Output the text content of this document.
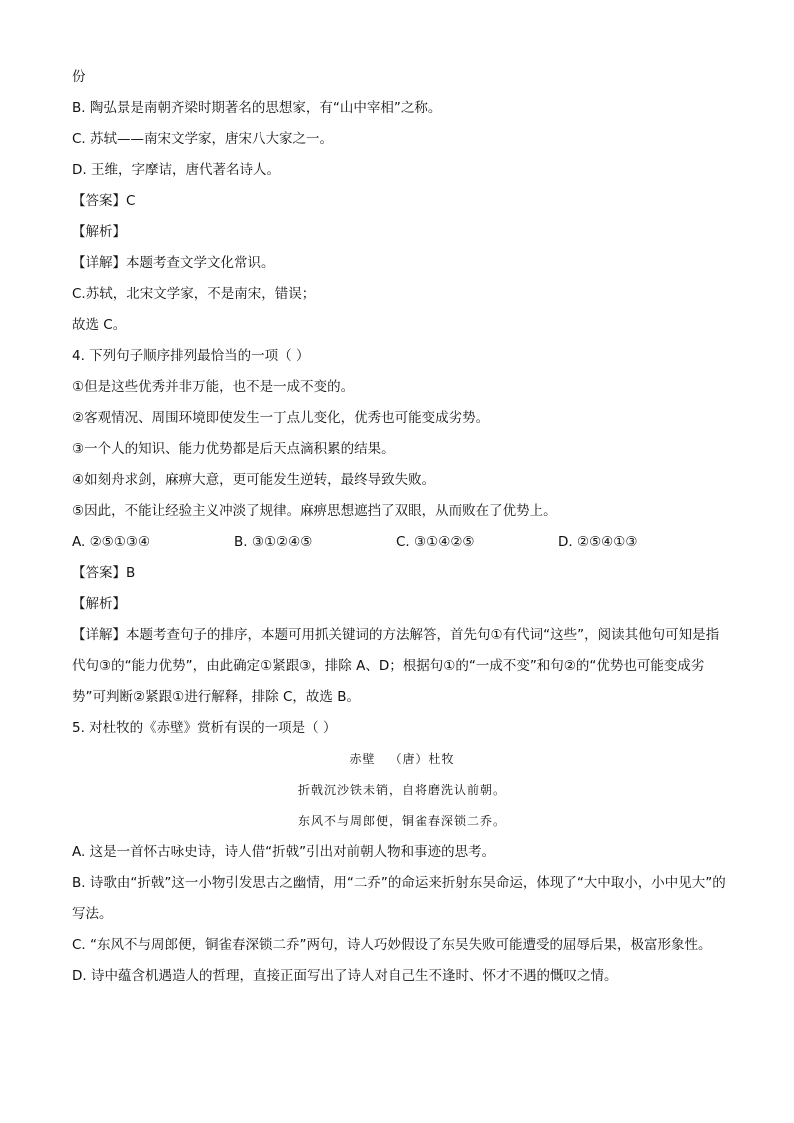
份
B. 陶弘景是南朝齐梁时期著名的思想家，有“山中宰相”之称。
C. 苏轼——南宋文学家，唐宋八大家之一。
D. 王维，字摩诘，唐代著名诗人。
【答案】C
【解析】
【详解】本题考查文学文化常识。
C.苏轼，北宋文学家，不是南宋，错误；
故选 C。
4. 下列句子顺序排列最恰当的一项（ ）
①但是这些优秀并非万能，也不是一成不变的。
②客观情况、周围环境即使发生一丁点儿变化，优秀也可能变成劣势。
③一个人的知识、能力优势都是后天点滴积累的结果。
④如刻舟求剑，麻痹大意，更可能发生逆转，最终导致失败。
⑤因此，不能让经验主义冲淡了规律。麻痹思想遮挡了双眼，从而败在了优势上。
A. ②⑤①③④	B. ③①②④⑤	C. ③①④②⑤	D. ②⑤④①③
【答案】B
【解析】
【详解】本题考查句子的排序，本题可用抓关键词的方法解答，首先句①有代词“这些”，阅读其他句可知是指代句③的“能力优势”，由此确定①紧跟③，排除 A、D；根据句①的“一成不变”和句②的“优势也可能变成劣势”可判断②紧跟①进行解释，排除 C，故选 B。
5. 对杜牧的《赤壁》赏析有误的一项是（ ）
赤壁 （唐）杜牧
折戟沉沙铁未销，自将磨洗认前朝。
东风不与周郎便，铜雀春深锁二乔。
A. 这是一首怀古咏史诗，诗人借“折戟”引出对前朝人物和事迹的思考。
B. 诗歌由“折戟”这一小物引发思古之幽情，用“二乔”的命运来折射东吴命运，体现了“大中取小，小中见大”的写法。
C. “东风不与周郎便，铜雀春深锁二乔”两句，诗人巧妙假设了东吴失败可能遭受的屈辱后果，极富形象性。
D. 诗中蕴含机遇造人的哲理，直接正面写出了诗人对自己生不逢时、怀才不遇的慨叹之情。
